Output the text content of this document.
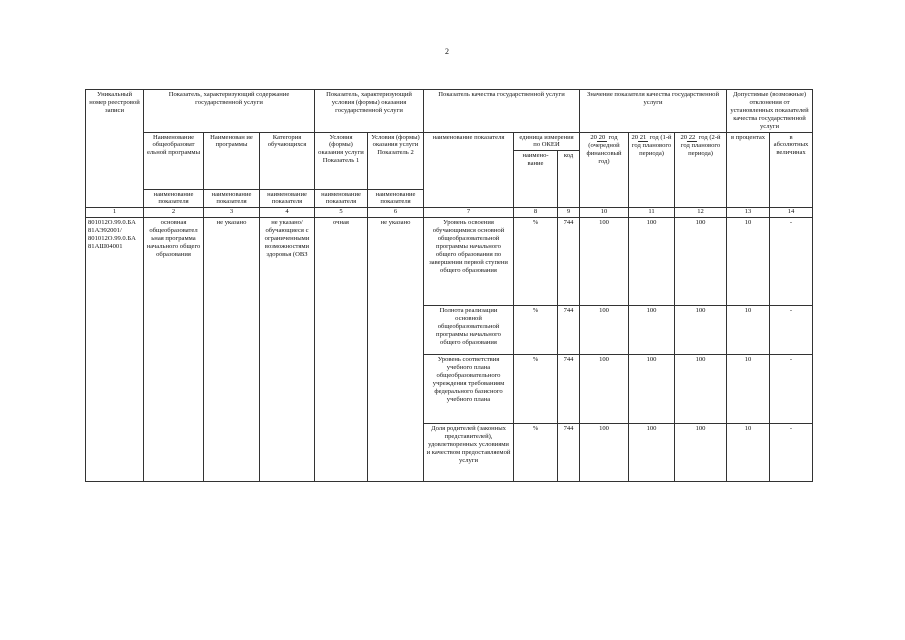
2
Уникальный номер реестровой записи	Показатель, характеризующий содержание государственной услуги			Показатель, характеризующий условия (формы) оказания государственной услуги		Показатель качества государственной услуги			Значение показателя качества государственной услуги			Допустимые (возможные) отклонения от установленных показателей качества государственной услуги	
	Наименование общеобразоват ельной программы	Наименован ие программы	Категория обучающихся	Условия (формы) оказания услуги Показатель 1	Условия (формы) оказания услуги Показатель 2	наименование показателя	единица измерения по ОКЕИ		20 20 год (очередной финансовый год)	20 21 год (1-й год планового периода)	20 22 год (2-й год планового периода)	в процентах	в абсолютных величинах
							наимено-вание	код					
	наименование показателя	наименование показателя	наименование показателя	наименование показателя	наименование показателя								
1	2	3	4	5	6	7	8	9	10	11	12	13	14
801012О.99.0.БА 81АЭ92001/ 801012О.99.0.БА 81АШ04001	основная общеобразовател ьная программа начального общего образования	не указано	не указано/ обучающиеся с ограниченными возможностями здоровья (ОВЗ	очная	не указано	Уровень освоения обучающимися основной общеобразовательной программы начального общего образования по завершении первой ступени общего образования	%	744	100	100	100	10	-
						Полнота реализации основной общеобразовательной программы начального общего образования	%	744	100	100	100	10	-
						Уровень соответствия учебного плана общеобразовательного учреждения требованиям федерального базисного учебного плана	%	744	100	100	100	10	-
						Доля родителей (законных представителей), удовлетворенных условиями и качеством предоставляемой услуги	%	744	100	100	100	10	-
